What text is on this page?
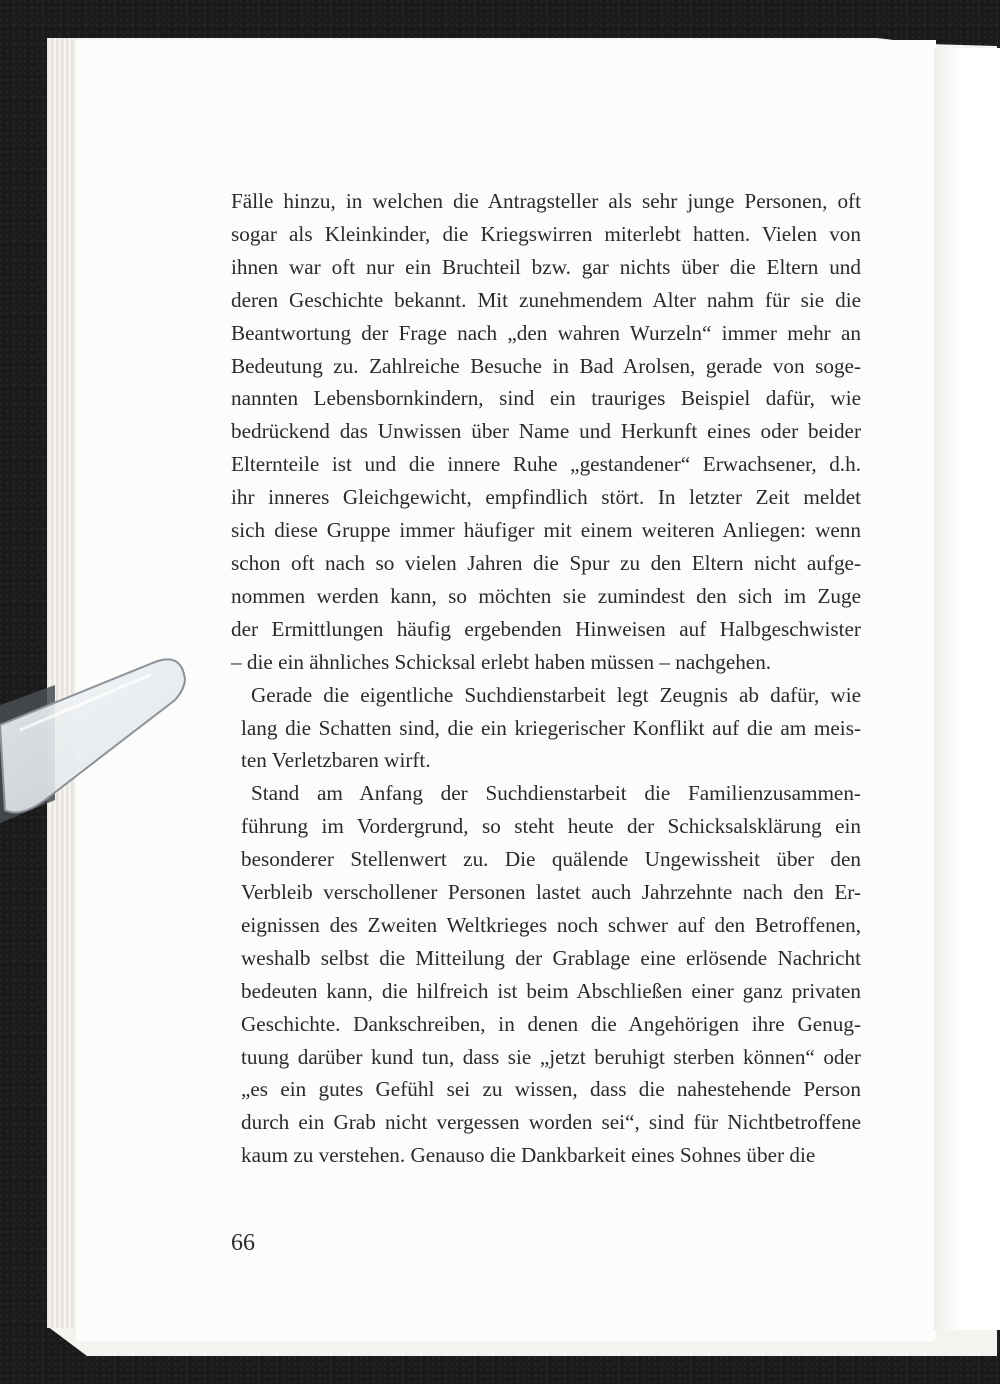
Fälle hinzu, in welchen die Antragsteller als sehr junge Personen, oft
sogar als Kleinkinder, die Kriegswirren miterlebt hatten. Vielen von
ihnen war oft nur ein Bruchteil bzw. gar nichts über die Eltern und
deren Geschichte bekannt. Mit zunehmendem Alter nahm für sie die
Beantwortung der Frage nach „den wahren Wurzeln“ immer mehr an
Bedeutung zu. Zahlreiche Besuche in Bad Arolsen, gerade von soge-
nannten Lebensbornkindern, sind ein trauriges Beispiel dafür, wie
bedrückend das Unwissen über Name und Herkunft eines oder beider
Elternteile ist und die innere Ruhe „gestandener“ Erwachsener, d.h.
ihr inneres Gleichgewicht, empfindlich stört. In letzter Zeit meldet
sich diese Gruppe immer häufiger mit einem weiteren Anliegen: wenn
schon oft nach so vielen Jahren die Spur zu den Eltern nicht aufge-
nommen werden kann, so möchten sie zumindest den sich im Zuge
der Ermittlungen häufig ergebenden Hinweisen auf Halbgeschwister
– die ein ähnliches Schicksal erlebt haben müssen – nachgehen.

Gerade die eigentliche Suchdienstarbeit legt Zeugnis ab dafür, wie
lang die Schatten sind, die ein kriegerischer Konflikt auf die am meis-
ten Verletzbaren wirft.

Stand am Anfang der Suchdienstarbeit die Familienzusammen-
führung im Vordergrund, so steht heute der Schicksalsklärung ein
besonderer Stellenwert zu. Die quälende Ungewissheit über den
Verbleib verschollener Personen lastet auch Jahrzehnte nach den Er-
eignissen des Zweiten Weltkrieges noch schwer auf den Betroffenen,
weshalb selbst die Mitteilung der Grablage eine erlösende Nachricht
bedeuten kann, die hilfreich ist beim Abschließen einer ganz privaten
Geschichte. Dankschreiben, in denen die Angehörigen ihre Genug-
tuung darüber kund tun, dass sie „jetzt beruhigt sterben können“ oder
„es ein gutes Gefühl sei zu wissen, dass die nahestehende Person
durch ein Grab nicht vergessen worden sei“, sind für Nichtbetroffene
kaum zu verstehen. Genauso die Dankbarkeit eines Sohnes über die

66
